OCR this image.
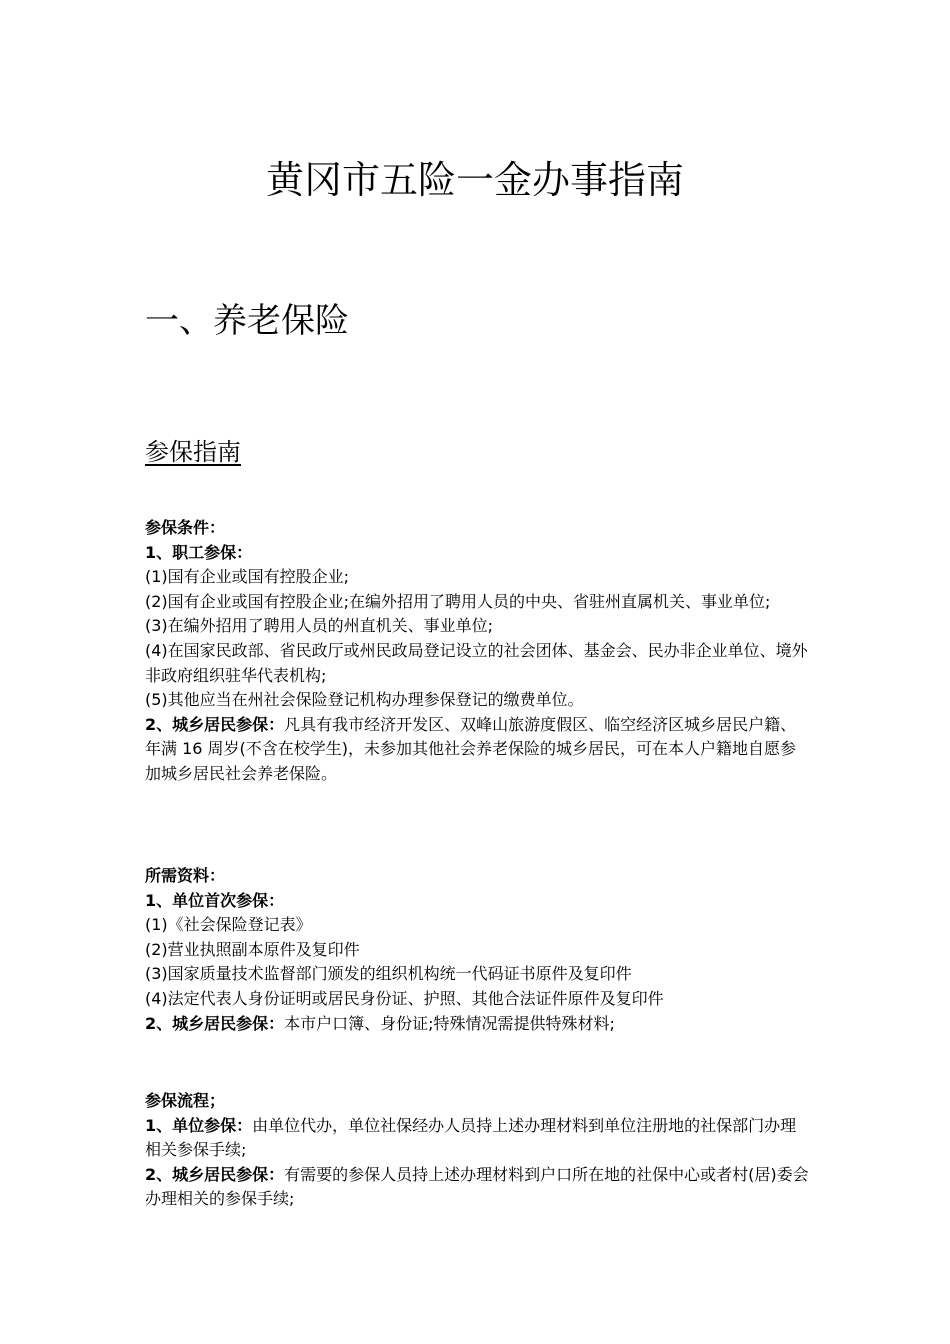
黄冈市五险一金办事指南
一、养老保险
参保指南

参保条件：

1、职工参保：

(1)国有企业或国有控股企业;

(2)国有企业或国有控股企业;在编外招用了聘用人员的中央、省驻州直属机关、事业单位;

(3)在编外招用了聘用人员的州直机关、事业单位;

(4)在国家民政部、省民政厅或州民政局登记设立的社会团体、基金会、民办非企业单位、境外非政府组织驻华代表机构;

(5)其他应当在州社会保险登记机构办理参保登记的缴费单位。

2、城乡居民参保：凡具有我市经济开发区、双峰山旅游度假区、临空经济区城乡居民户籍、年满 16 周岁(不含在校学生)，未参加其他社会养老保险的城乡居民，可在本人户籍地自愿参加城乡居民社会养老保险。

所需资料：

1、单位首次参保：

(1)《社会保险登记表》

(2)营业执照副本原件及复印件

(3)国家质量技术监督部门颁发的组织机构统一代码证书原件及复印件

(4)法定代表人身份证明或居民身份证、护照、其他合法证件原件及复印件

2、城乡居民参保：本市户口簿、身份证;特殊情况需提供特殊材料;

参保流程；

1、单位参保：由单位代办，单位社保经办人员持上述办理材料到单位注册地的社保部门办理相关参保手续;

2、城乡居民参保：有需要的参保人员持上述办理材料到户口所在地的社保中心或者村(居)委会办理相关的参保手续;
